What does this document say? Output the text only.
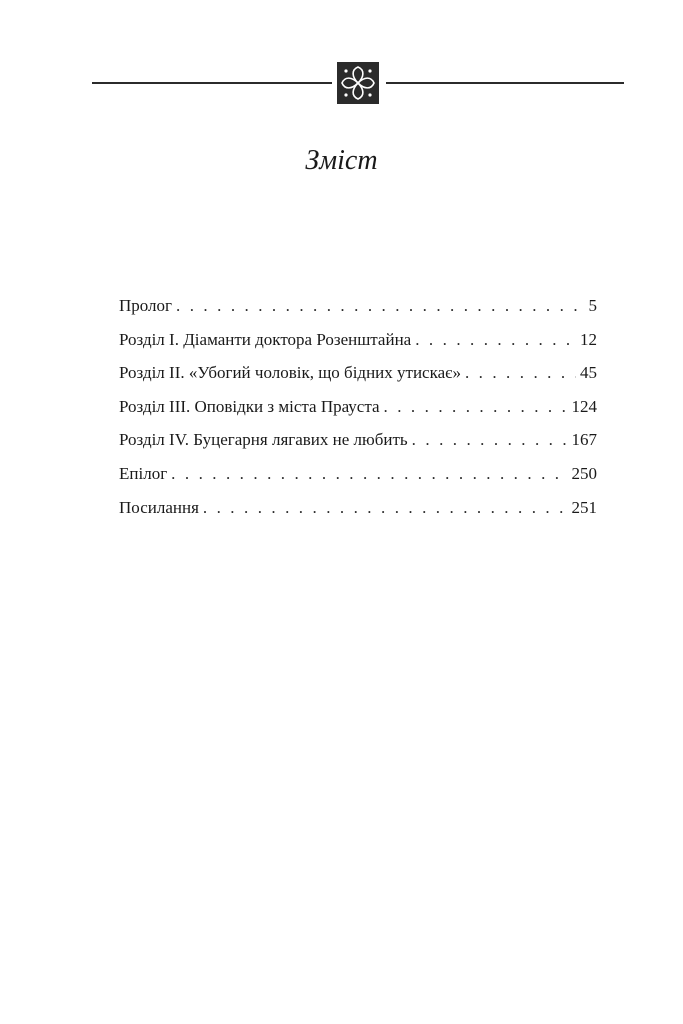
Зміст
Пролог . . .	5
Розділ І. Діаманти доктора Розенштайна . . .	12
Розділ ІІ. «Убогий чоловік, що бідних утискає» . . .	45
Розділ ІІІ. Оповідки з міста Прауста . . .	124
Розділ ІV. Буцегарня лягавих не любить . . .	167
Епілог . . .	250
Посилання . . .	251
